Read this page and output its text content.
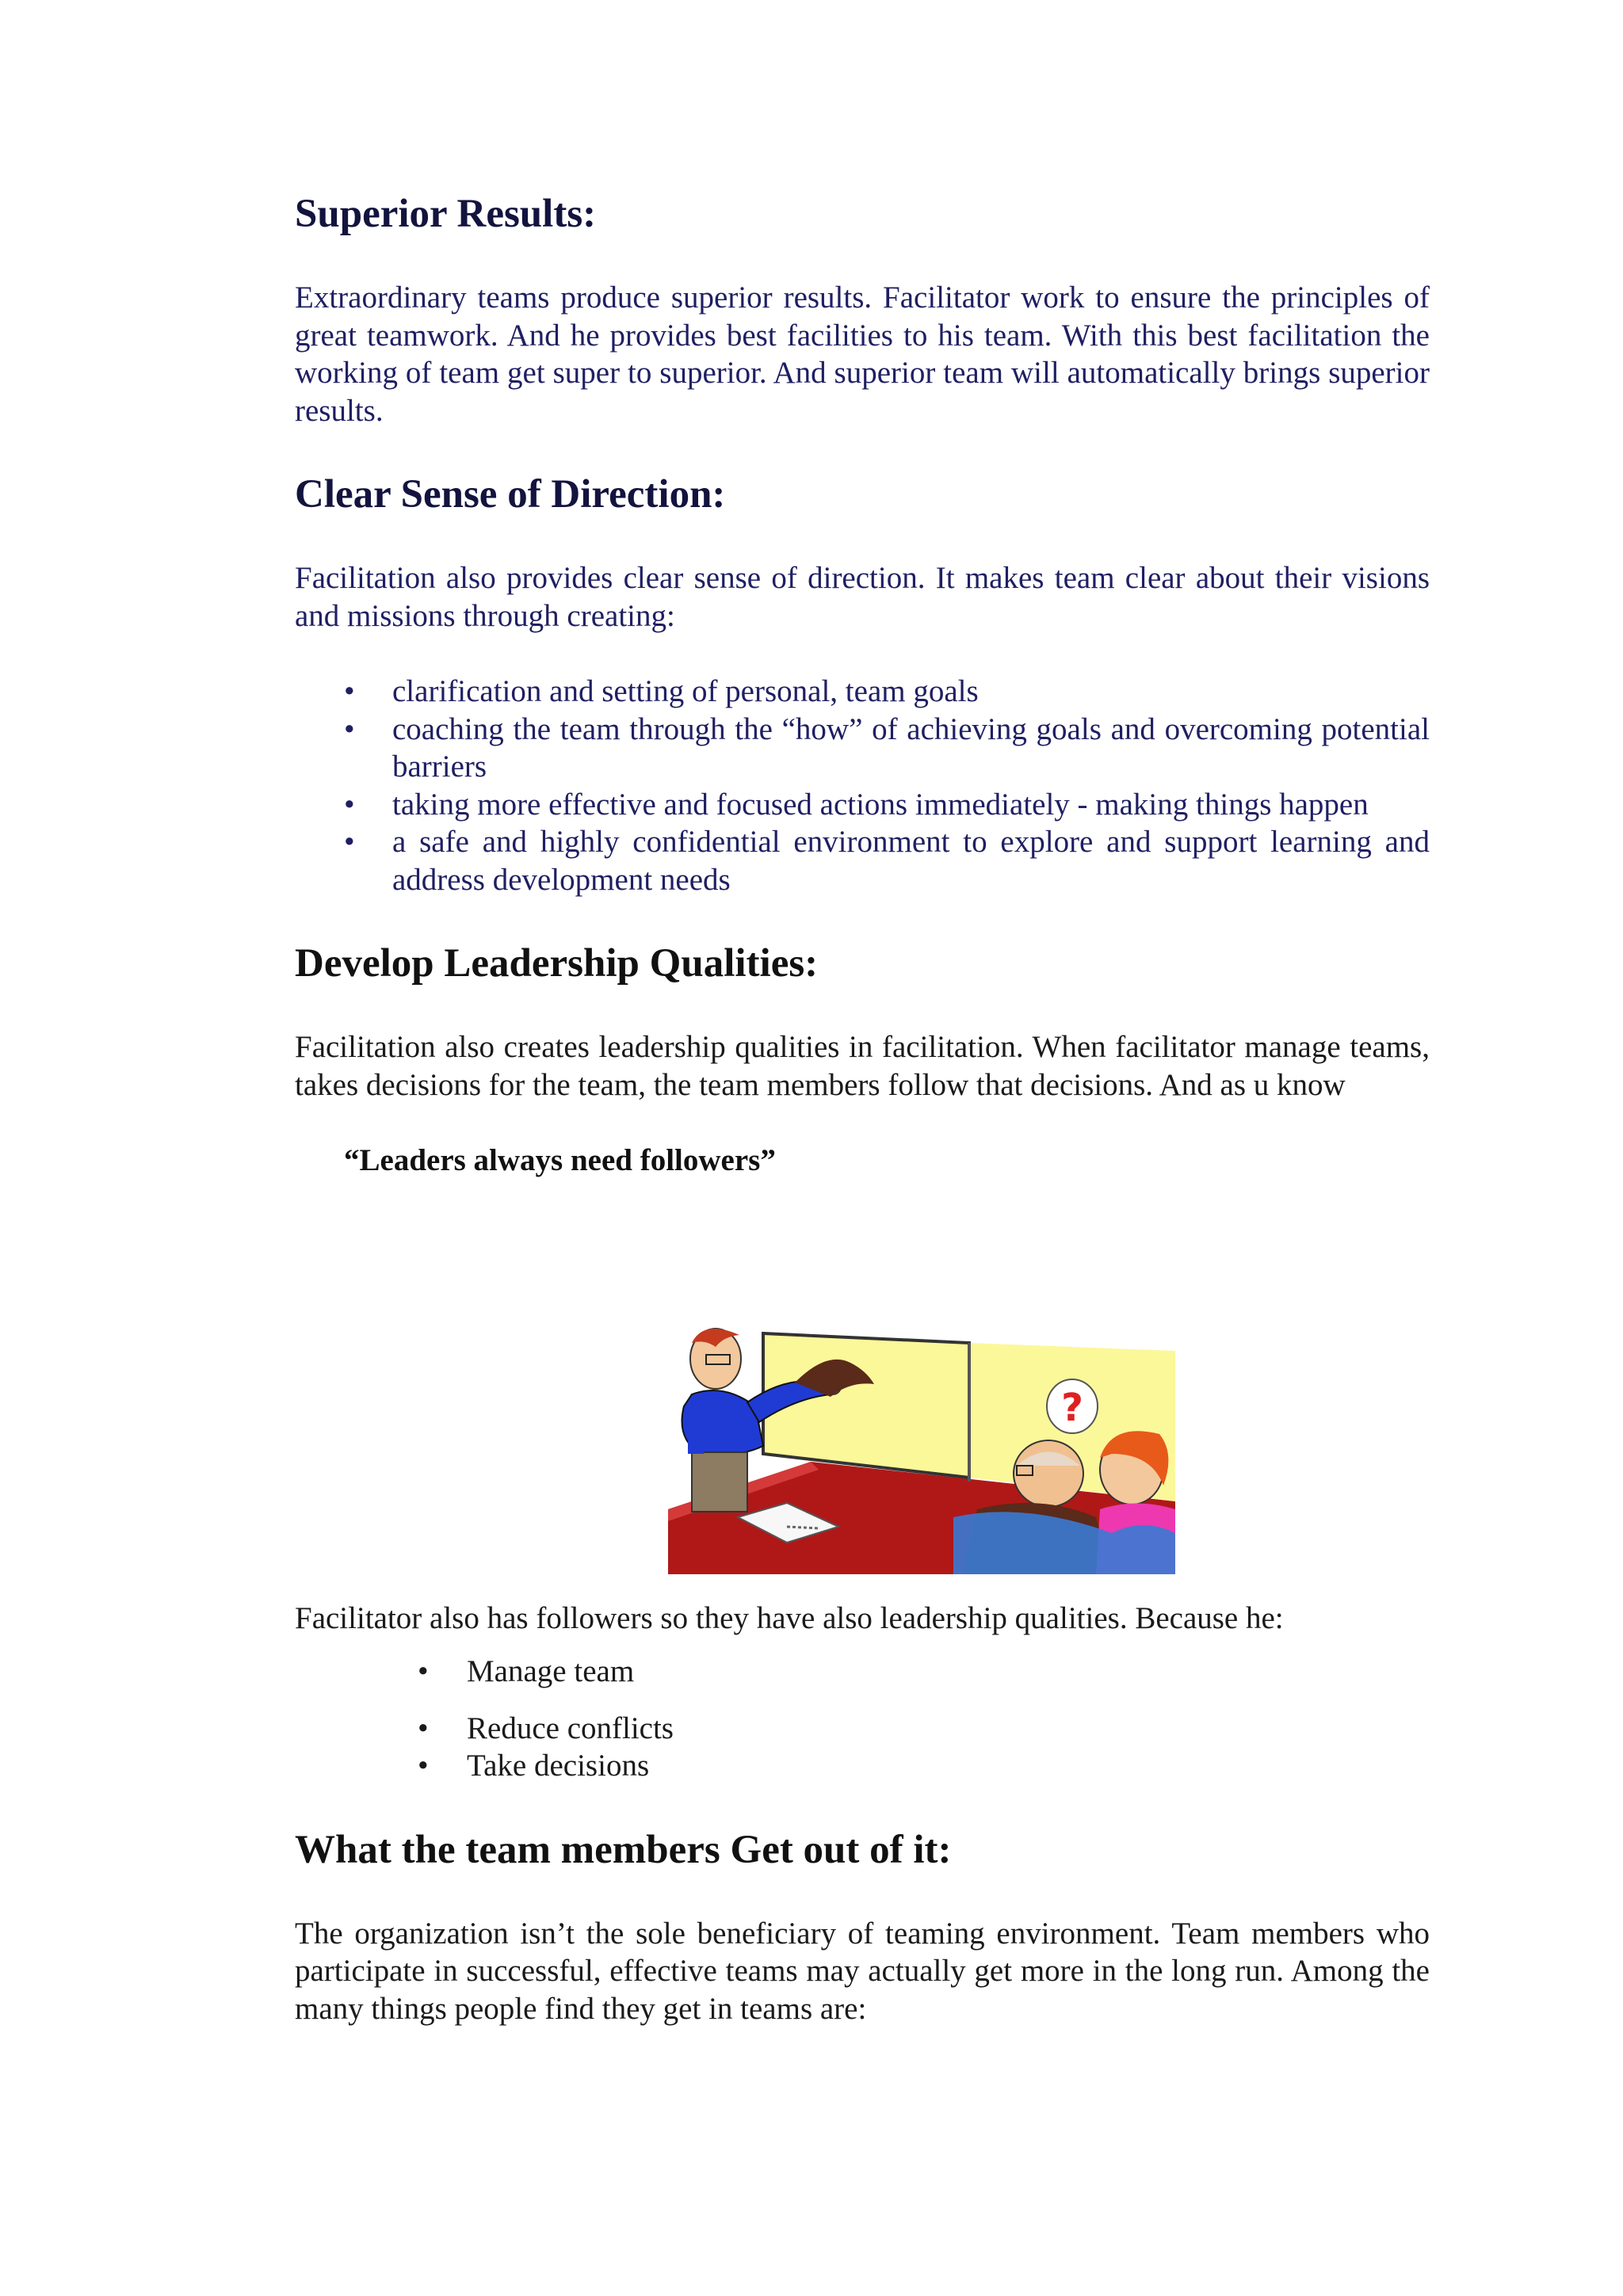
Superior Results:

Extraordinary teams produce superior results. Facilitator work to ensure the principles of great teamwork. And he provides best facilities to his team. With this best facilitation the working of team get super to superior. And superior team will automatically brings superior results.

Clear Sense of Direction:

Facilitation also provides clear sense of direction. It makes team clear about their visions and missions through creating:

• clarification and setting of personal, team goals
• coaching the team through the “how” of achieving goals and overcoming potential barriers
• taking more effective and focused actions immediately - making things happen
• a safe and highly confidential environment to explore and support learning and address development needs
Develop Leadership Qualities:

Facilitation also creates leadership qualities in facilitation. When facilitator manage teams, takes decisions for the team, the team members follow that decisions. And as u know

“Leaders always need followers”

Facilitator also has followers so they have also leadership qualities. Because he:

• Manage team
• Reduce conflicts
• Take decisions
What the team members Get out of it:

The organization isn’t the sole beneficiary of teaming environment. Team members who participate in successful, effective teams may actually get more in the long run. Among the many things people find they get in teams are:

?
